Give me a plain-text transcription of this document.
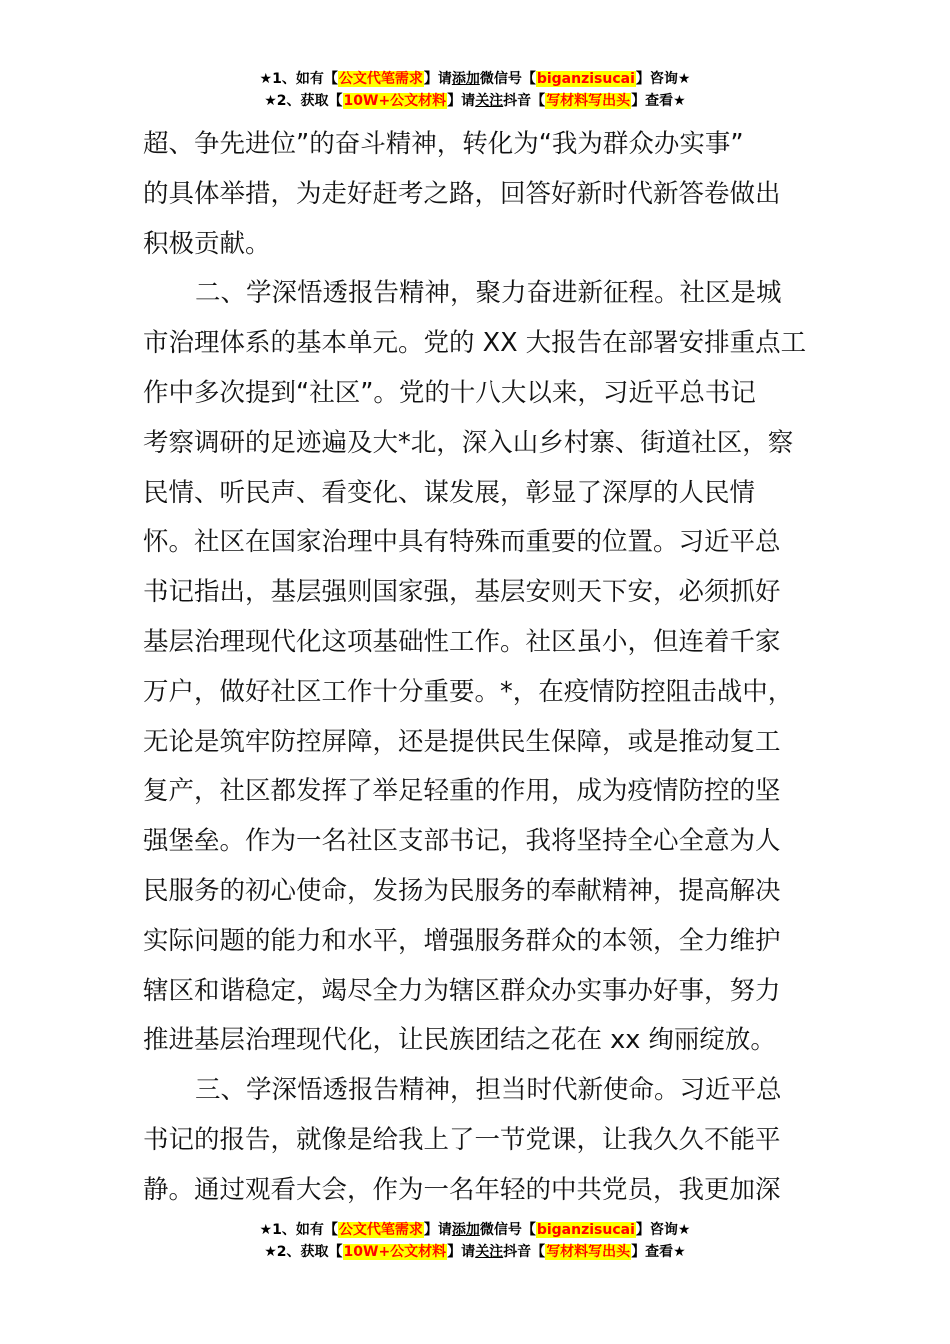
★1、如有【公文代笔需求】请添加微信号【biganzisucai】咨询★
★2、获取【10W+公文材料】请关注抖音【写材料写出头】查看★
超、争先进位”的奋斗精神，转化为“我为群众办实事”
的具体举措，为走好赶考之路，回答好新时代新答卷做出
积极贡献。
二、学深悟透报告精神，聚力奋进新征程。社区是城
市治理体系的基本单元。党的 XX 大报告在部署安排重点工
作中多次提到“社区”。党的十八大以来，习近平总书记
考察调研的足迹遍及大*北，深入山乡村寨、街道社区，察
民情、听民声、看变化、谋发展，彰显了深厚的人民情
怀。社区在国家治理中具有特殊而重要的位置。习近平总
书记指出，基层强则国家强，基层安则天下安，必须抓好
基层治理现代化这项基础性工作。社区虽小，但连着千家
万户，做好社区工作十分重要。*，在疫情防控阻击战中，
无论是筑牢防控屏障，还是提供民生保障，或是推动复工
复产，社区都发挥了举足轻重的作用，成为疫情防控的坚
强堡垒。作为一名社区支部书记，我将坚持全心全意为人
民服务的初心使命，发扬为民服务的奉献精神，提高解决
实际问题的能力和水平，增强服务群众的本领，全力维护
辖区和谐稳定，竭尽全力为辖区群众办实事办好事，努力
推进基层治理现代化，让民族团结之花在 xx 绚丽绽放。
三、学深悟透报告精神，担当时代新使命。习近平总
书记的报告，就像是给我上了一节党课，让我久久不能平
静。通过观看大会，作为一名年轻的中共党员，我更加深
★1、如有【公文代笔需求】请添加微信号【biganzisucai】咨询★
★2、获取【10W+公文材料】请关注抖音【写材料写出头】查看★
